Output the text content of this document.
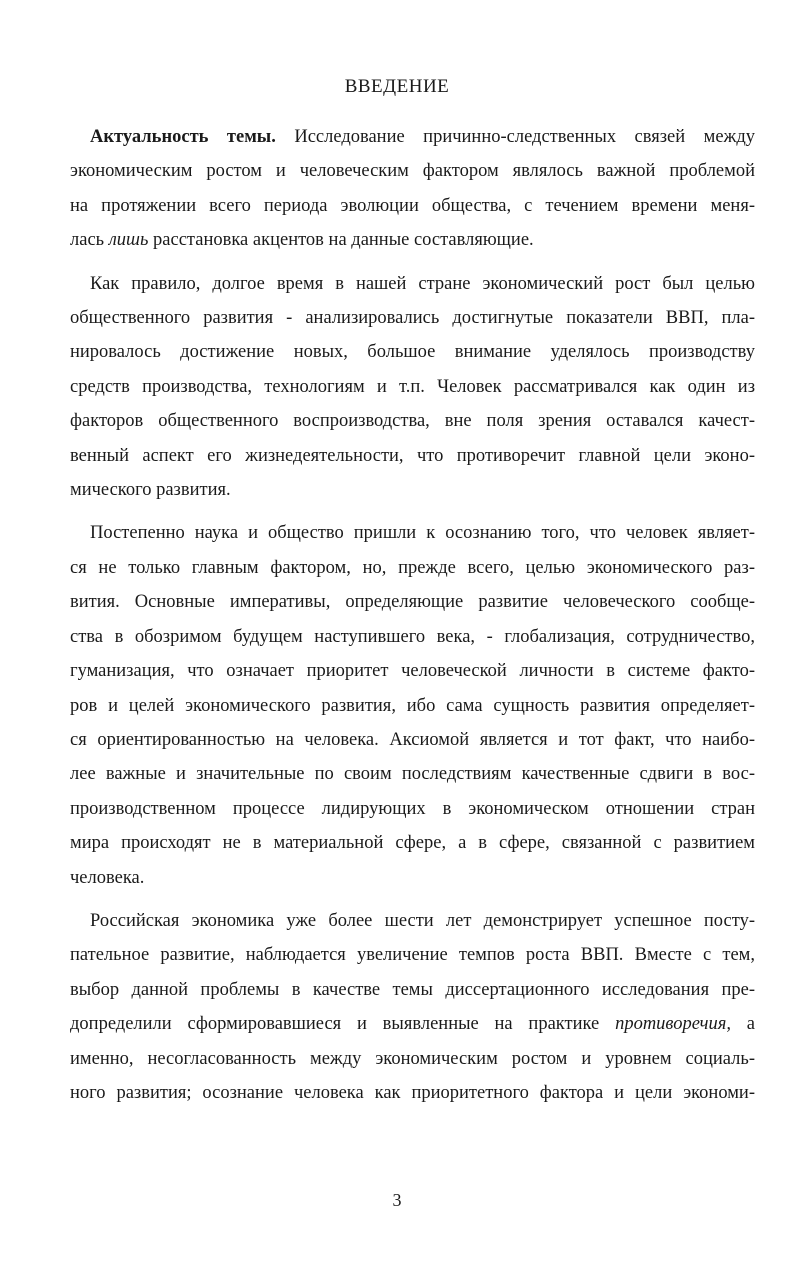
ВВЕДЕНИЕ
Актуальность темы. Исследование причинно-следственных связей между
экономическим ростом и человеческим фактором являлось важной проблемой
на протяжении всего периода эволюции общества, с течением времени меня-
лась лишь расстановка акцентов на данные составляющие.
Как правило, долгое время в нашей стране экономический рост был целью
общественного развития - анализировались достигнутые показатели ВВП, пла-
нировалось достижение новых, большое внимание уделялось производству
средств производства, технологиям и т.п. Человек рассматривался как один из
факторов общественного воспроизводства, вне поля зрения оставался качест-
венный аспект его жизнедеятельности, что противоречит главной цели эконо-
мического развития.
Постепенно наука и общество пришли к осознанию того, что человек являет-
ся не только главным фактором, но, прежде всего, целью экономического раз-
вития. Основные императивы, определяющие развитие человеческого сообще-
ства в обозримом будущем наступившего века, - глобализация, сотрудничество,
гуманизация, что означает приоритет человеческой личности в системе факто-
ров и целей экономического развития, ибо сама сущность развития определяет-
ся ориентированностью на человека. Аксиомой является и тот факт, что наибо-
лее важные и значительные по своим последствиям качественные сдвиги в вос-
производственном процессе лидирующих в экономическом отношении стран
мира происходят не в материальной сфере, а в сфере, связанной с развитием
человека.
Российская экономика уже более шести лет демонстрирует успешное посту-
пательное развитие, наблюдается увеличение темпов роста ВВП. Вместе с тем,
выбор данной проблемы в качестве темы диссертационного исследования пре-
допределили сформировавшиеся и выявленные на практике противоречия, а
именно, несогласованность между экономическим ростом и уровнем социаль-
ного развития; осознание человека как приоритетного фактора и цели экономи-
3
